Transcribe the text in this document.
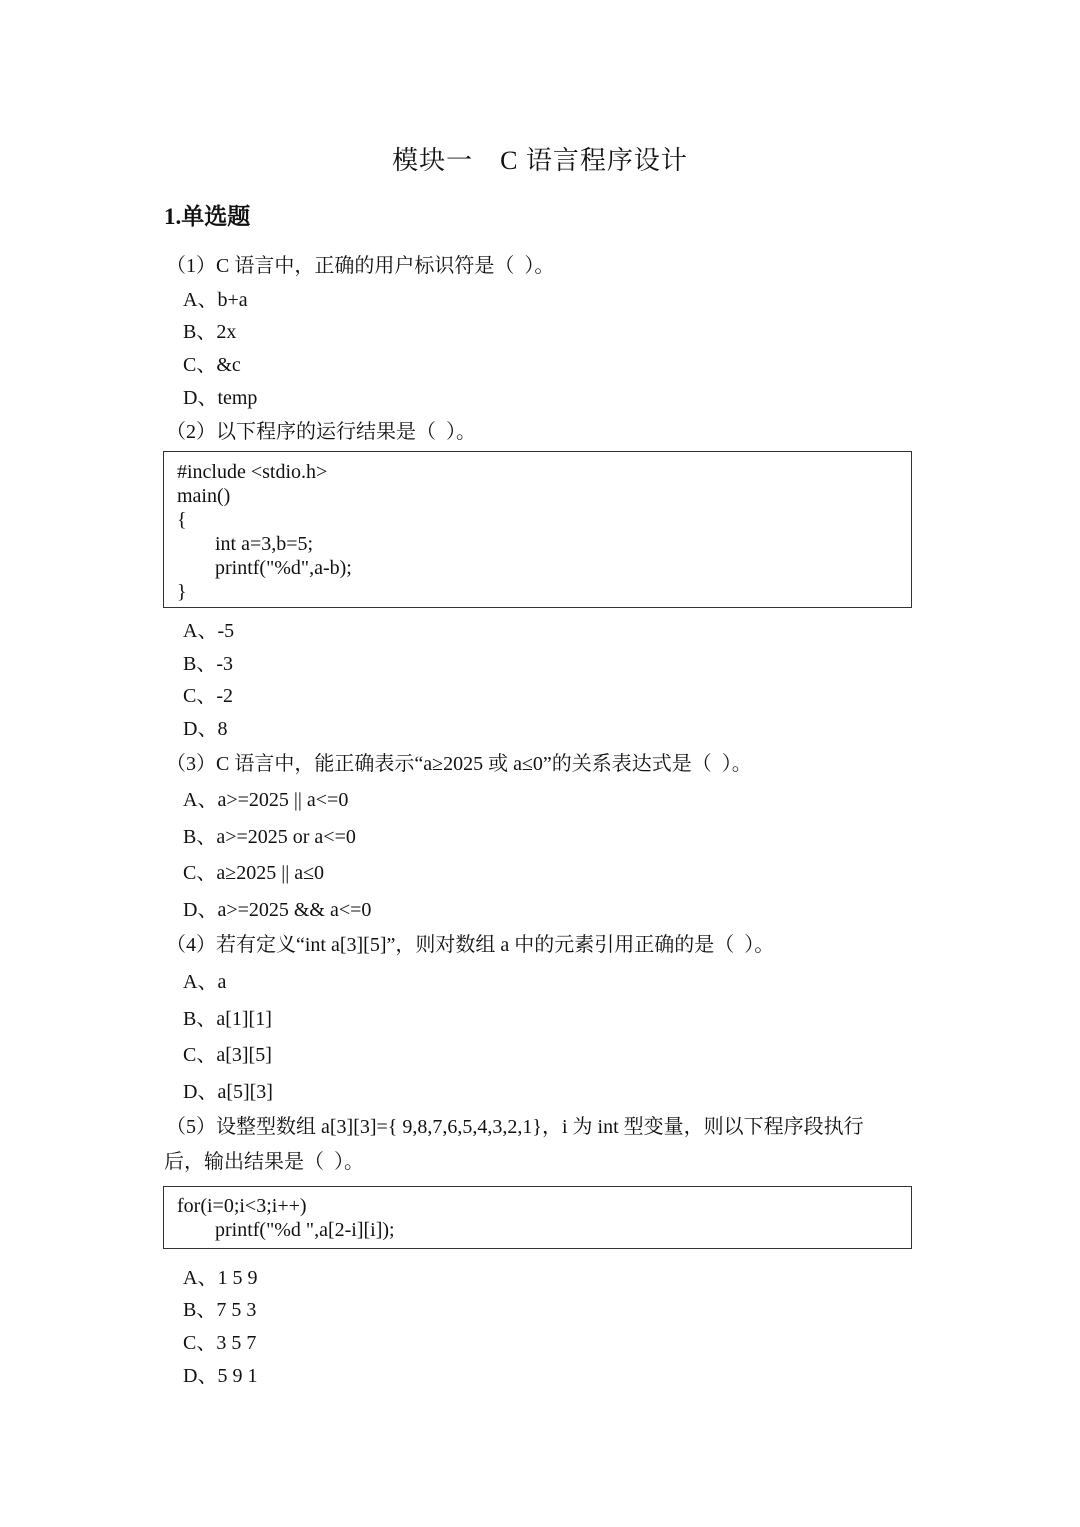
模块一　C 语言程序设计
1.单选题
（1）C 语言中，正确的用户标识符是（  ）。
A、b+a
B、2x
C、&c
D、temp
（2）以下程序的运行结果是（  ）。
#include <stdio.h>
main()
{
int a=3,b=5;
printf("%d",a-b);
}
A、-5
B、-3
C、-2
D、8
（3）C 语言中，能正确表示“a≥2025 或 a≤0”的关系表达式是（  ）。
A、a>=2025 || a<=0
B、a>=2025 or a<=0
C、a≥2025 || a≤0
D、a>=2025 && a<=0
（4）若有定义“int a[3][5]”，则对数组 a 中的元素引用正确的是（  ）。
A、a
B、a[1][1]
C、a[3][5]
D、a[5][3]
（5）设整型数组 a[3][3]={ 9,8,7,6,5,4,3,2,1}，i 为 int 型变量，则以下程序段执行
后，输出结果是（  ）。
for(i=0;i<3;i++)
printf("%d ",a[2-i][i]);
A、1 5 9
B、7 5 3
C、3 5 7
D、5 9 1
